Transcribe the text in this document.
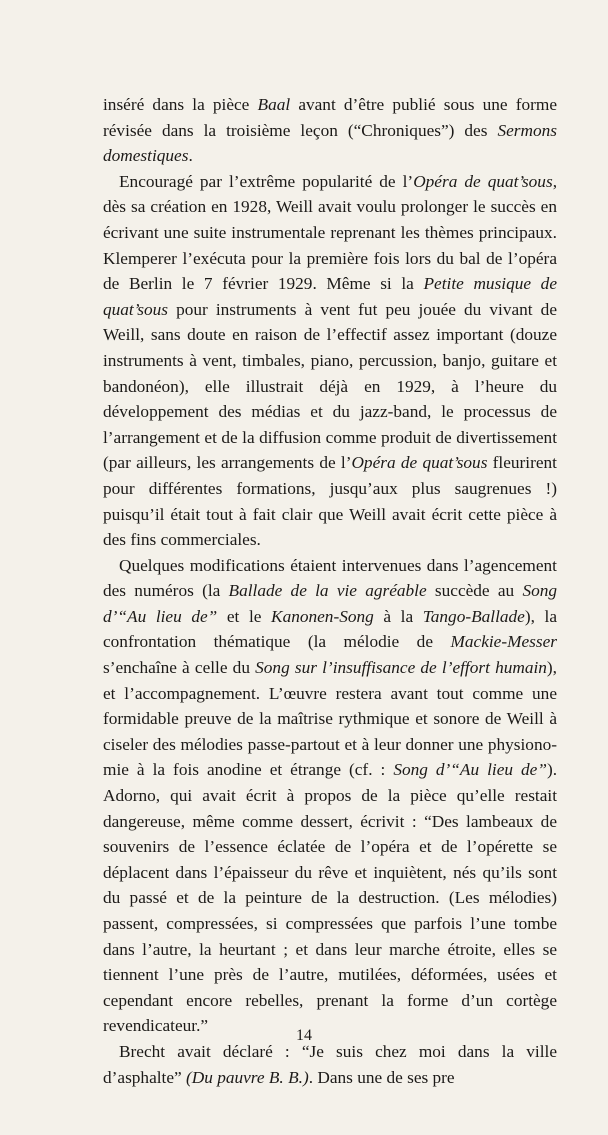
inséré dans la pièce Baal avant d’être publié sous une forme révisée dans la troisième leçon (“Chroniques”) des Sermons domestiques.

Encouragé par l’extrême popularité de l’Opéra de quat’sous, dès sa création en 1928, Weill avait voulu prolonger le succès en écrivant une suite instrumentale reprenant les thèmes principaux. Klemperer l’exécuta pour la première fois lors du bal de l’opéra de Berlin le 7 février 1929. Même si la Petite musique de quat’sous pour instruments à vent fut peu jouée du vivant de Weill, sans doute en raison de l’effectif assez important (douze instruments à vent, timbales, piano, percussion, banjo, guitare et bandonéon), elle illustrait déjà en 1929, à l’heure du développement des médias et du jazz-band, le processus de l’arrangement et de la diffusion comme produit de divertissement (par ailleurs, les arrangements de l’Opéra de quat’sous fleurirent pour différentes formations, jusqu’aux plus saugrenues !) puisqu’il était tout à fait clair que Weill avait écrit cette pièce à des fins commerciales.

Quelques modifications étaient intervenues dans l’agencement des numéros (la Ballade de la vie agréable succède au Song d’“Au lieu de” et le Kanonen-Song à la Tango-Ballade), la confrontation thématique (la mélodie de Mackie-Messer s’enchaîne à celle du Song sur l’insuffisance de l’effort humain), et l’accompagnement. L’œuvre restera avant tout comme une formidable preuve de la maîtrise rythmique et sonore de Weill à ciseler des mélodies passe-partout et à leur donner une physionomie à la fois anodine et étrange (cf. : Song d’“Au lieu de”). Adorno, qui avait écrit à propos de la pièce qu’elle restait dangereuse, même comme dessert, écrivit : “Des lambeaux de souvenirs de l’essence éclatée de l’opéra et de l’opérette se déplacent dans l’épaisseur du rêve et inquiètent, nés qu’ils sont du passé et de la peinture de la destruction. (Les mélodies) passent, compressées, si compressées que parfois l’une tombe dans l’autre, la heurtant ; et dans leur marche étroite, elles se tiennent l’une près de l’autre, mutilées, déformées, usées et cependant encore rebelles, prenant la forme d’un cortège revendicateur.”

Brecht avait déclaré : “Je suis chez moi dans la ville d’asphalte” (Du pauvre B. B.). Dans une de ses pre

14
